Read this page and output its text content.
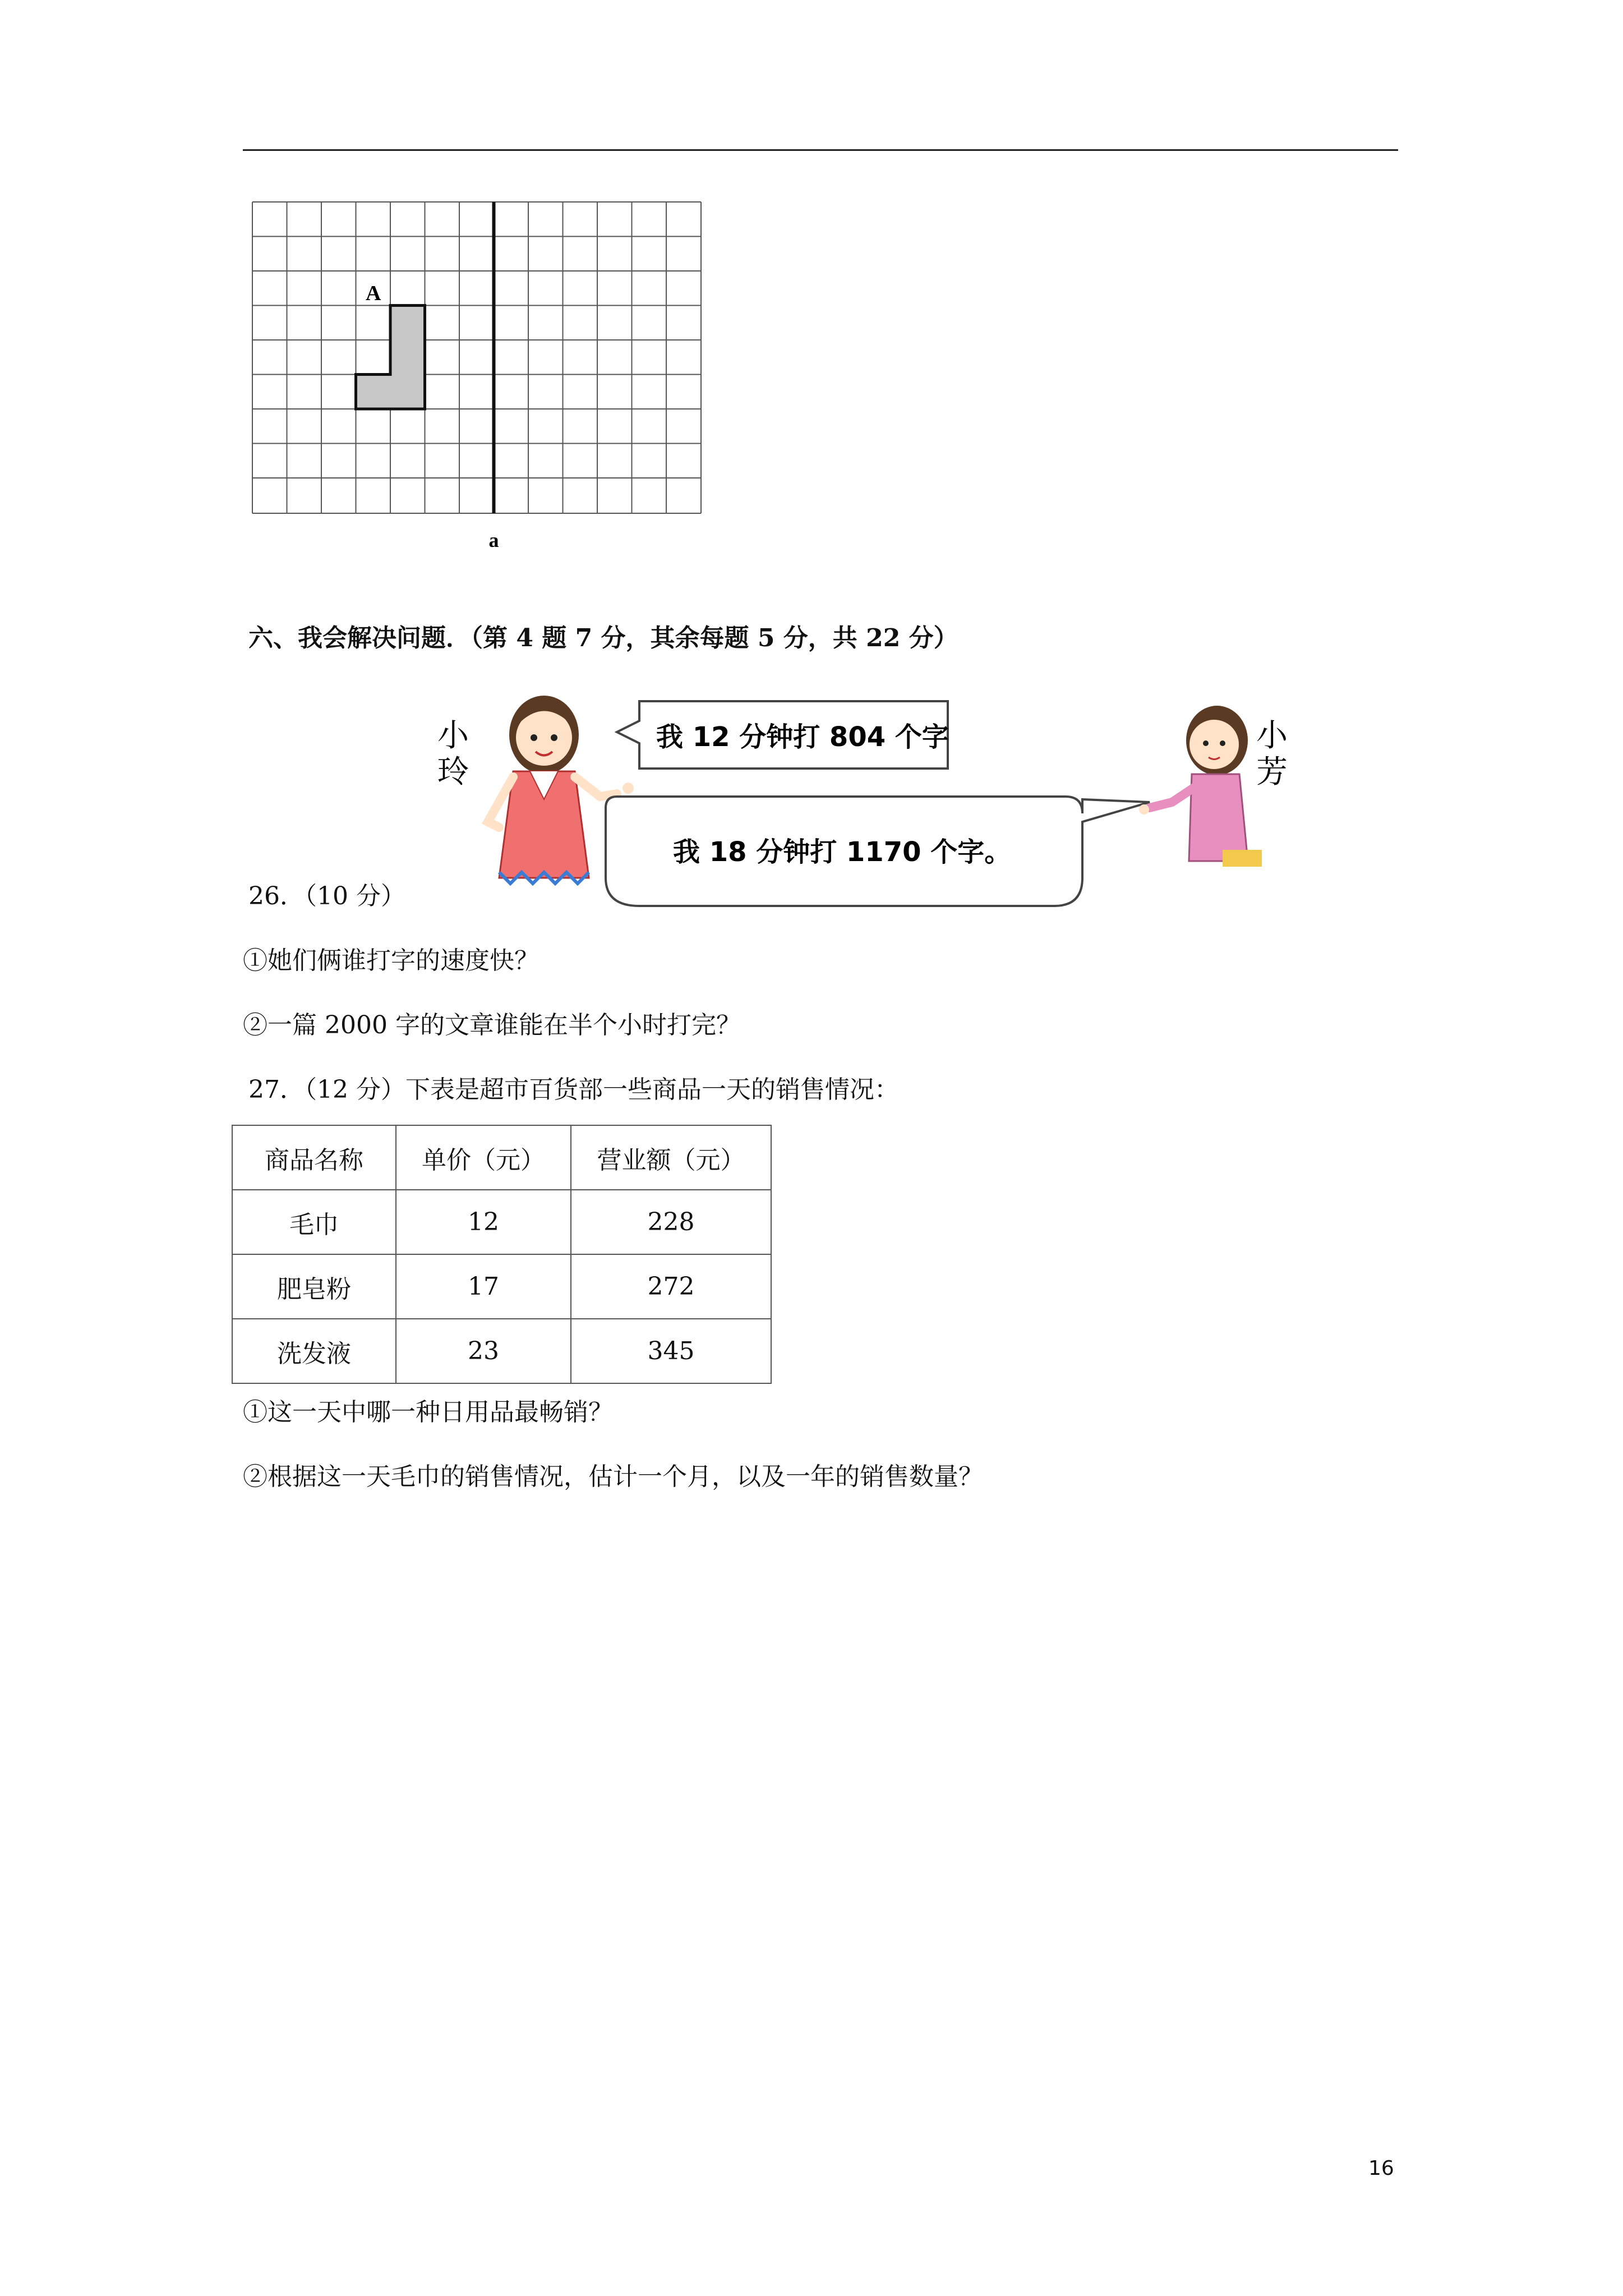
A
a
六、我会解决问题．（第 4 题 7 分，其余每题 5 分，共 22 分）
小
玲
我 12 分钟打 804 个字
我 18 分钟打 1170 个字。
小
芳
26．（10 分）
①她们俩谁打字的速度快？
②一篇 2000 字的文章谁能在半个小时打完？
27．（12 分）下表是超市百货部一些商品一天的销售情况：
商品名称	单价（元）	营业额（元）
毛巾	12	228
肥皂粉	17	272
洗发液	23	345
①这一天中哪一种日用品最畅销？
②根据这一天毛巾的销售情况，估计一个月，以及一年的销售数量？
16
